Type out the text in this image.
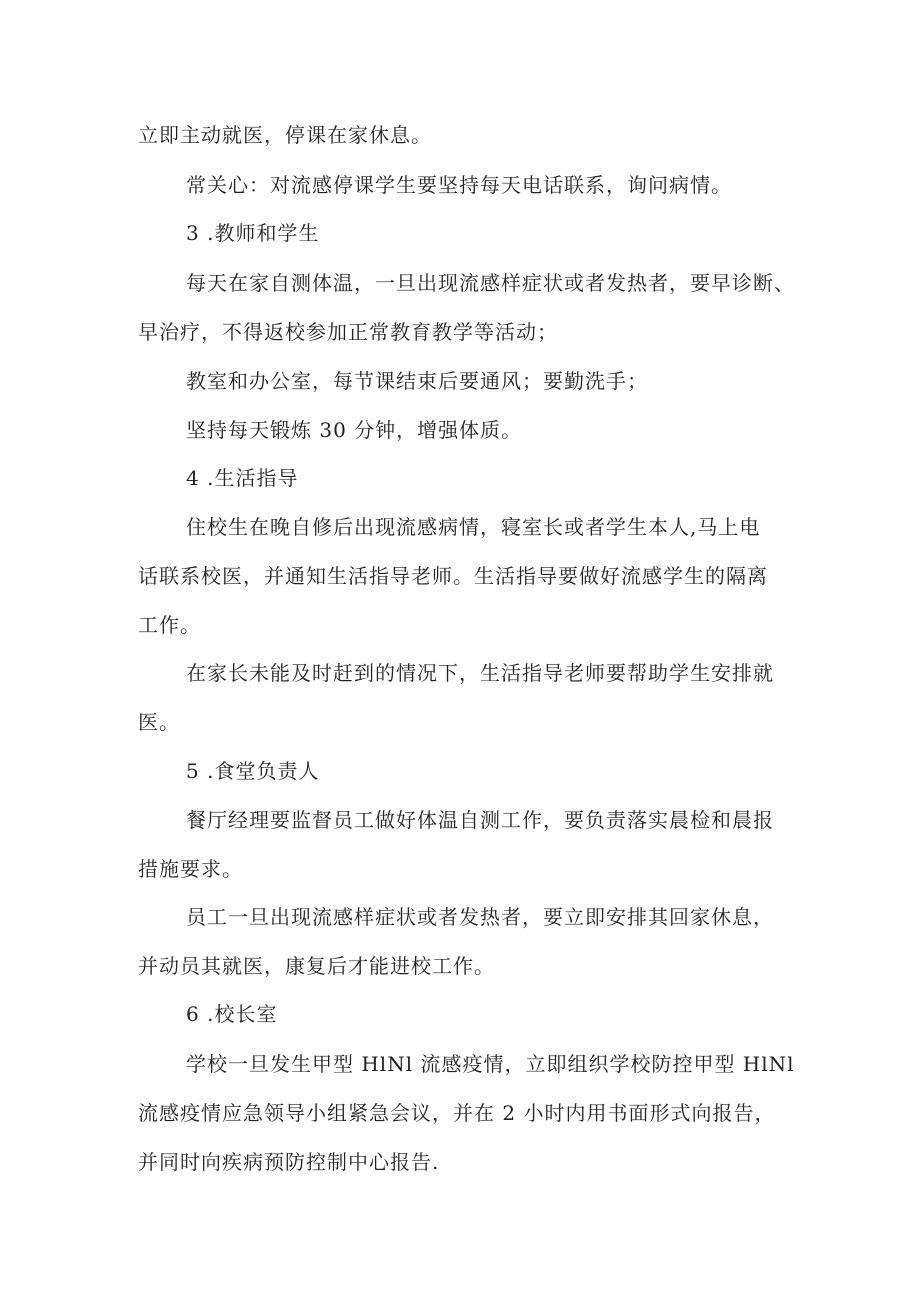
立即主动就医，停课在家休息。
常关心：对流感停课学生要坚持每天电话联系，询问病情。
3 .教师和学生
每天在家自测体温，一旦出现流感样症状或者发热者，要早诊断、
早治疗，不得返校参加正常教育教学等活动；
教室和办公室，每节课结束后要通风；要勤洗手；
坚持每天锻炼 30 分钟，增强体质。
4 .生活指导
住校生在晚自修后出现流感病情，寝室长或者学生本人,马上电
话联系校医，并通知生活指导老师。生活指导要做好流感学生的隔离
工作。
在家长未能及时赶到的情况下，生活指导老师要帮助学生安排就
医。
5 .食堂负责人
餐厅经理要监督员工做好体温自测工作，要负责落实晨检和晨报
措施要求。
员工一旦出现流感样症状或者发热者，要立即安排其回家休息，
并动员其就医，康复后才能进校工作。
6 .校长室
学校一旦发生甲型 HlNl 流感疫情，立即组织学校防控甲型 HlNl
流感疫情应急领导小组紧急会议，并在 2 小时内用书面形式向报告，
并同时向疾病预防控制中心报告.
